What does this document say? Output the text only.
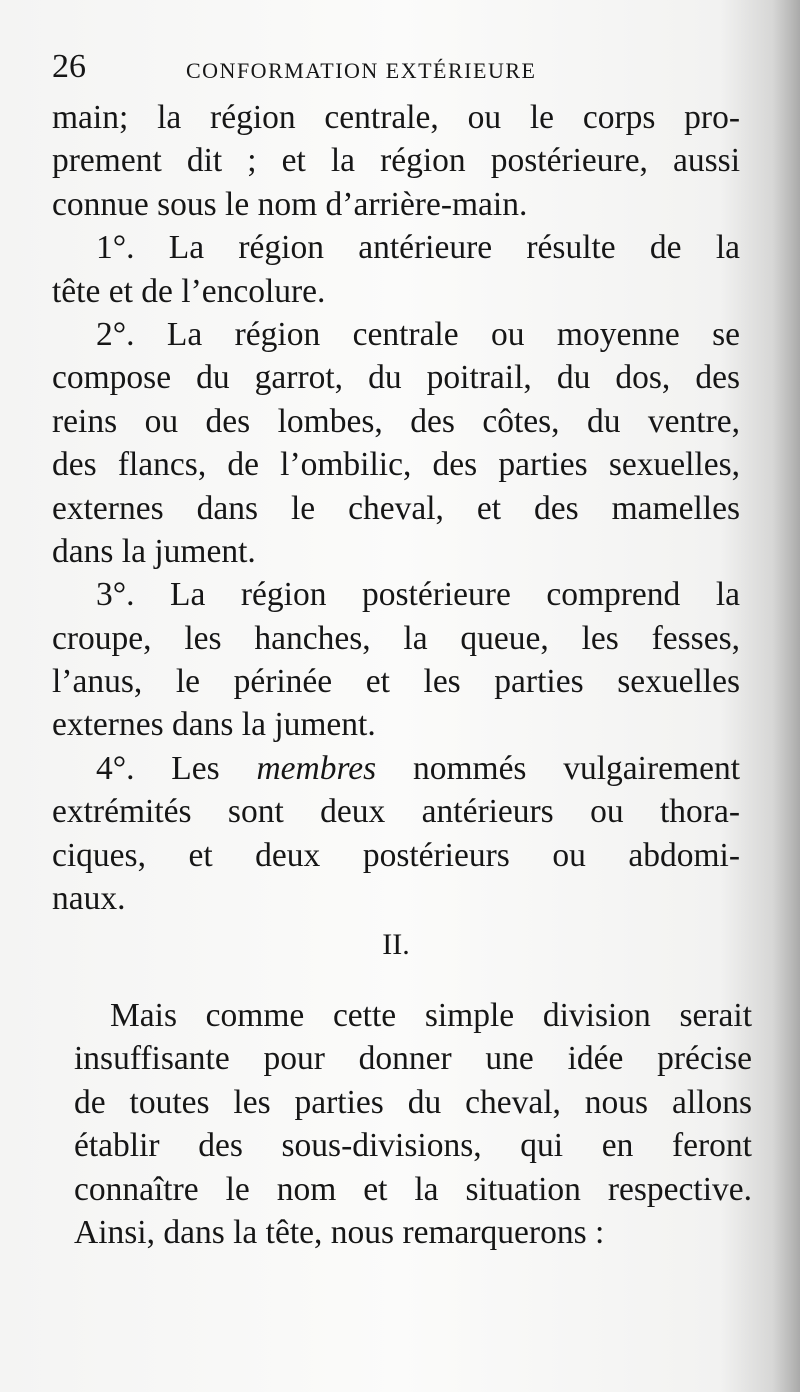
26	CONFORMATION EXTÉRIEURE
main; la région centrale, ou le corps pro-
prement dit ; et la région postérieure, aussi
connue sous le nom d’arrière-main.
1°. La région antérieure résulte de la
tête et de l’encolure.
2°. La région centrale ou moyenne se
compose du garrot, du poitrail, du dos, des
reins ou des lombes, des côtes, du ventre,
des flancs, de l’ombilic, des parties sexuelles,
externes dans le cheval, et des mamelles
dans la jument.
3°. La région postérieure comprend la
croupe, les hanches, la queue, les fesses,
l’anus, le périnée et les parties sexuelles
externes dans la jument.
4°. Les membres nommés vulgairement
extrémités sont deux antérieurs ou thora-
ciques, et deux postérieurs ou abdomi-
naux.
II.
Mais comme cette simple division serait
insuffisante pour donner une idée précise
de toutes les parties du cheval, nous allons
établir des sous-divisions, qui en feront
connaître le nom et la situation respective.
Ainsi, dans la tête, nous remarquerons :
